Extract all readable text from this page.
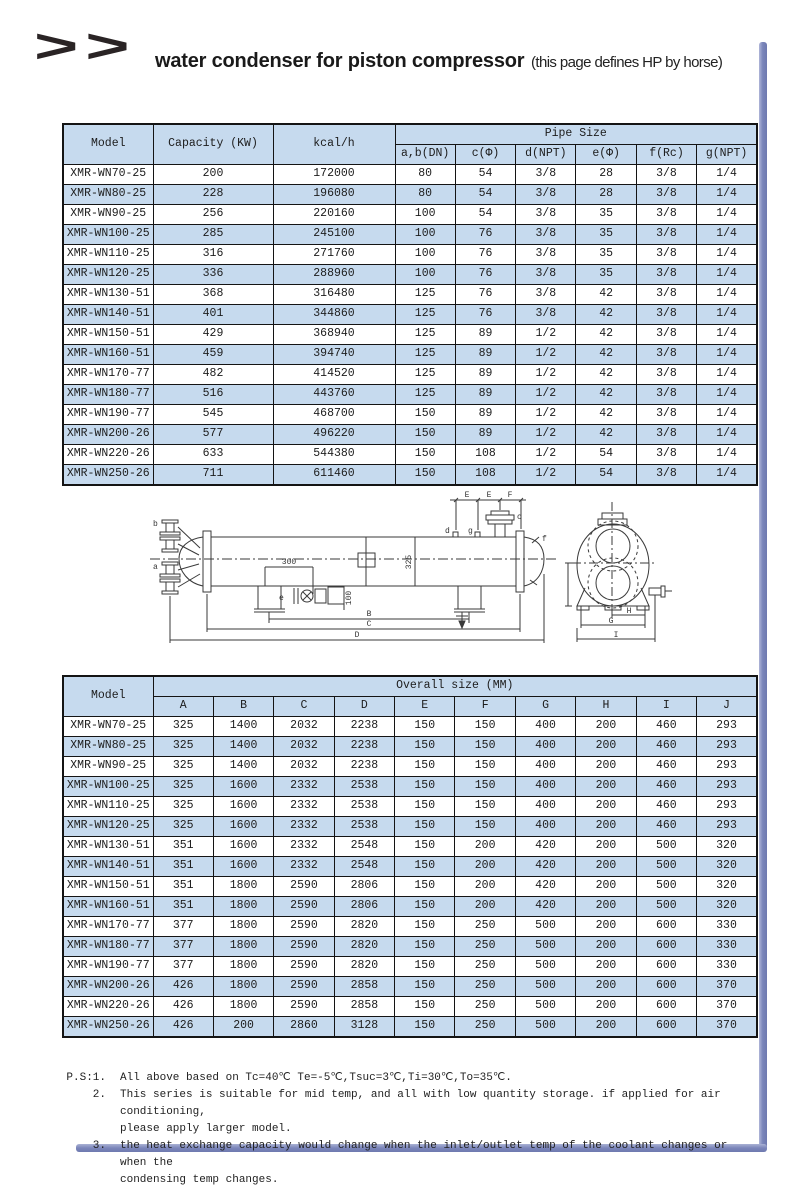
>> water condenser for piston compressor (this page defines HP by horse)
Model	Capacity (KW)	kcal/h	Pipe Size					
			a,b(DN)	c(Φ)	d(NPT)	e(Φ)	f(Rc)	g(NPT)
XMR-WN70-25	200	172000	80	54	3/8	28	3/8	1/4
XMR-WN80-25	228	196080	80	54	3/8	28	3/8	1/4
XMR-WN90-25	256	220160	100	54	3/8	35	3/8	1/4
XMR-WN100-25	285	245100	100	76	3/8	35	3/8	1/4
XMR-WN110-25	316	271760	100	76	3/8	35	3/8	1/4
XMR-WN120-25	336	288960	100	76	3/8	35	3/8	1/4
XMR-WN130-51	368	316480	125	76	3/8	42	3/8	1/4
XMR-WN140-51	401	344860	125	76	3/8	42	3/8	1/4
XMR-WN150-51	429	368940	125	89	1/2	42	3/8	1/4
XMR-WN160-51	459	394740	125	89	1/2	42	3/8	1/4
XMR-WN170-77	482	414520	125	89	1/2	42	3/8	1/4
XMR-WN180-77	516	443760	125	89	1/2	42	3/8	1/4
XMR-WN190-77	545	468700	150	89	1/2	42	3/8	1/4
XMR-WN200-26	577	496220	150	89	1/2	42	3/8	1/4
XMR-WN220-26	633	544380	150	108	1/2	54	3/8	1/4
XMR-WN250-26	711	611460	150	108	1/2	54	3/8	1/4
b
a
d g
c
f
e
E E F
300
100
325
B
C
D
H
G
I
Model	Overall size (MM)									
	A	B	C	D	E	F	G	H	I	J
XMR-WN70-25	325	1400	2032	2238	150	150	400	200	460	293
XMR-WN80-25	325	1400	2032	2238	150	150	400	200	460	293
XMR-WN90-25	325	1400	2032	2238	150	150	400	200	460	293
XMR-WN100-25	325	1600	2332	2538	150	150	400	200	460	293
XMR-WN110-25	325	1600	2332	2538	150	150	400	200	460	293
XMR-WN120-25	325	1600	2332	2538	150	150	400	200	460	293
XMR-WN130-51	351	1600	2332	2548	150	200	420	200	500	320
XMR-WN140-51	351	1600	2332	2548	150	200	420	200	500	320
XMR-WN150-51	351	1800	2590	2806	150	200	420	200	500	320
XMR-WN160-51	351	1800	2590	2806	150	200	420	200	500	320
XMR-WN170-77	377	1800	2590	2820	150	250	500	200	600	330
XMR-WN180-77	377	1800	2590	2820	150	250	500	200	600	330
XMR-WN190-77	377	1800	2590	2820	150	250	500	200	600	330
XMR-WN200-26	426	1800	2590	2858	150	250	500	200	600	370
XMR-WN220-26	426	1800	2590	2858	150	250	500	200	600	370
XMR-WN250-26	426	200	2860	3128	150	250	500	200	600	370
P.S:1.	All above based on Tc=40℃ Te=-5℃,Tsuc=3℃,Ti=30℃,To=35℃.
2. This series is suitable for mid temp, and all with low quantity storage. if applied for air conditioning,
please apply larger model.
3. the heat exchange capacity would change when the inlet/outlet temp of the coolant changes or when the
condensing temp changes.
